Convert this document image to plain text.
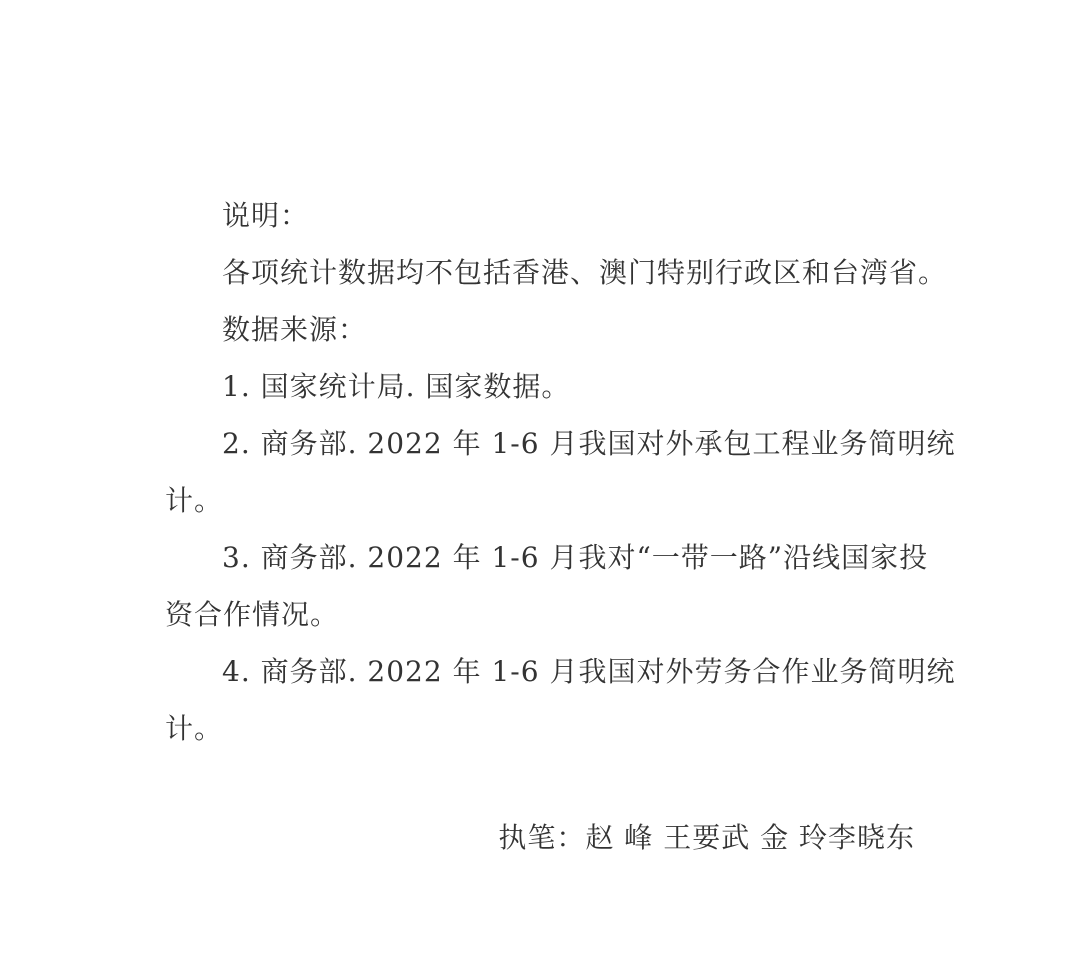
说明：
各项统计数据均不包括香港、澳门特别行政区和台湾省。
数据来源：
1. 国家统计局. 国家数据。
2. 商务部. 2022 年 1-6 月我国对外承包工程业务简明统
计。
3. 商务部. 2022 年 1-6 月我对“一带一路”沿线国家投
资合作情况。
4. 商务部. 2022 年 1-6 月我国对外劳务合作业务简明统
计。
执笔：赵 峰 王要武 金 玲李晓东
